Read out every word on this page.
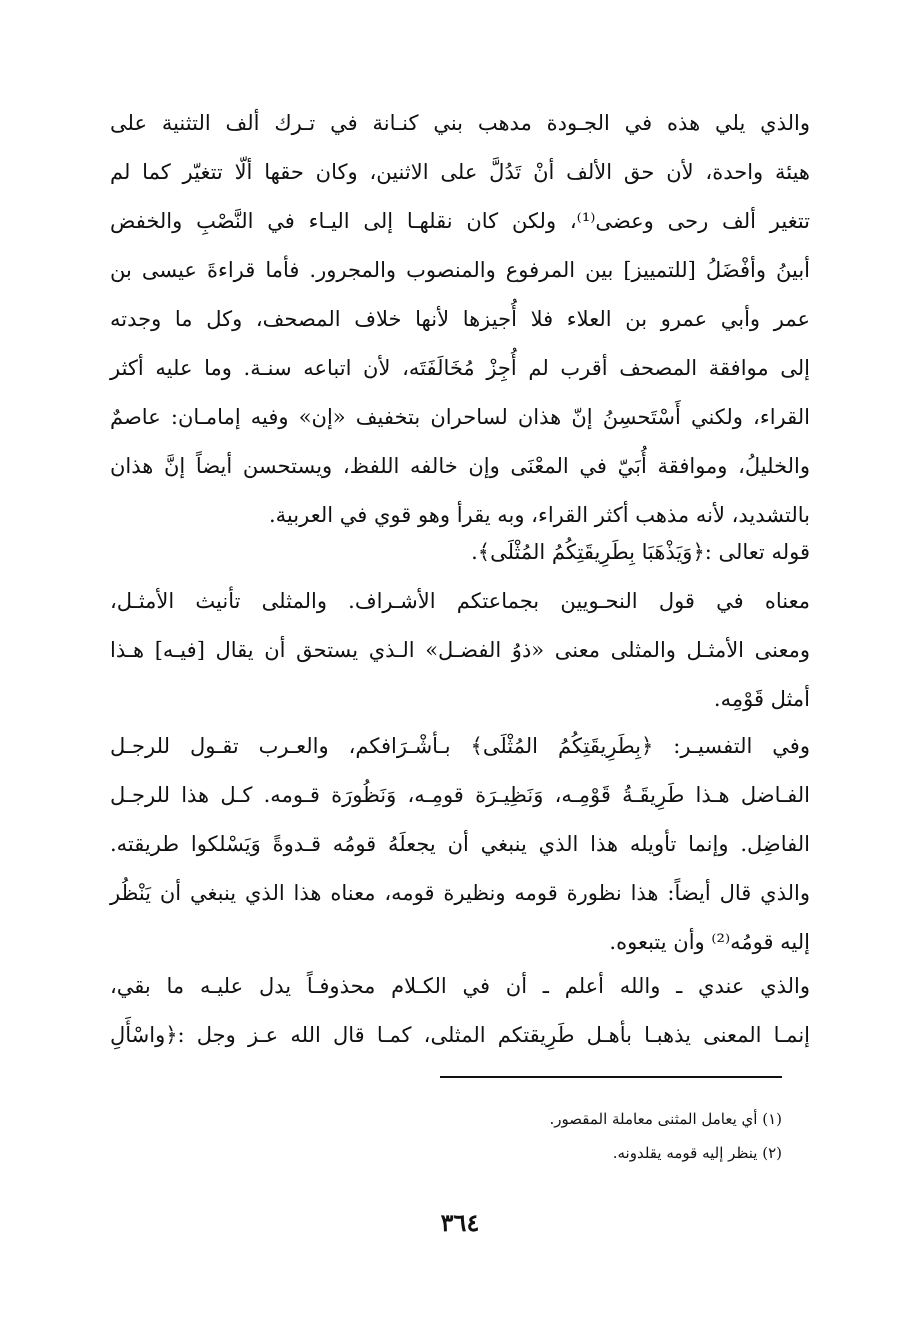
والذي يلي هذه في الجـودة مدهب بني كنـانة في تـرك ألف التثنية على
هيئة واحدة، لأن حق الألف أنْ تَدُلَّ على الاثنين، وكان حقها ألّا تتغيّر كما لم
تتغير ألف رحى وعضى⁽¹⁾، ولكن كان نقلهـا إلى اليـاء في النَّصْبِ والخفض
أبينُ وأفْضَلُ [للتمييز] بين المرفوع والمنصوب والمجرور. فأما قراءةَ عيسى بن
عمر وأبي عمرو بن العلاء فلا أُجيزها لأنها خلاف المصحف، وكل ما وجدته
إلى موافقة المصحف أقرب لم أُجِزْ مُخَالَفَتَه، لأن اتباعه سنـة. وما عليه أكثر
القراء، ولكني أَسْتَحسِنُ إنّ هذان لساحران بتخفيف «إن» وفيه إمامـان: عاصمٌ
والخليلُ، وموافقة أُبَيّ في المعْنَى وإن خالفه اللفظ، ويستحسن أيضاً إنَّ هذان
بالتشديد، لأنه مذهب أكثر القراء، وبه يقرأ وهو قوي في العربية.
قوله تعالى :﴿وَيَذْهَبَا بِطَرِيقَتِكُمُ المُثْلَى﴾.
معناه في قول النحـويين بجماعتكم الأشـراف. والمثلى تأنيث الأمثـل،
ومعنى الأمثـل والمثلى معنى «ذوُ الفضـل» الـذي يستحق أن يقال [فيـه] هـذا
أمثل قَوْمِه.
وفي التفسيـر: ﴿بِطَرِيقَتِكُمُ المُثْلَى﴾ بـأشْـرَافكم، والعـرب تقـول للرجـل
الفـاضل هـذا طَرِيقَـةُ قَوْمِـه، وَنَظِيـرَة قومِـه، وَنَظُورَة قـومه. كـل هذا للرجـل
الفاضِل. وإنما تأويله هذا الذي ينبغي أن يجعلَهُ قومُه قـدوةً وَيَسْلكوا طريقته.
والذي قال أيضاً: هذا نظورة قومه ونظيرة قومه، معناه هذا الذي ينبغي أن يَنْظُر
إليه قومُه⁽²⁾ وأن يتبعوه.
والذي عندي ـ والله أعلم ـ أن في الكـلام محذوفـاً يدل عليـه ما بقي،
إنمـا المعنى يذهبـا بأهـل طَرِيقتكم المثلى، كمـا قال الله عـز وجل :﴿واسْأَلِ
(١) أي يعامل المثنى معاملة المقصور.
(٢) ينظر إليه قومه يقلدونه.
٣٦٤
